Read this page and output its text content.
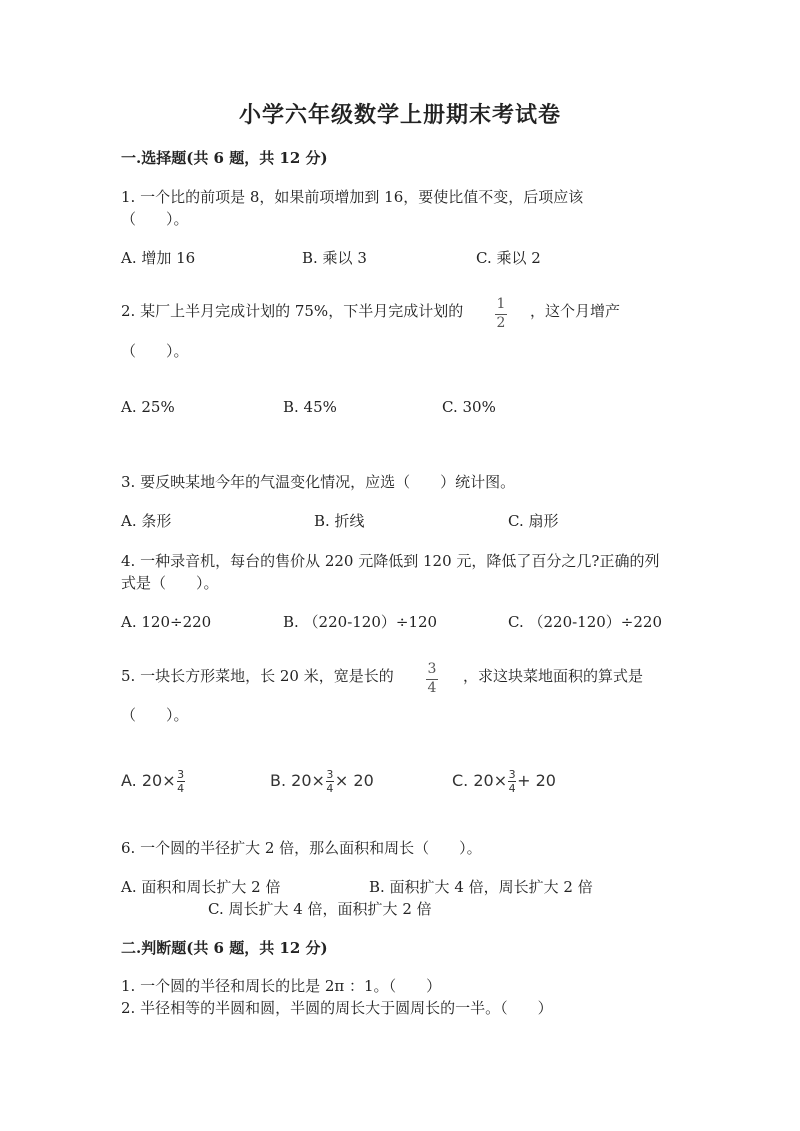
小学六年级数学上册期末考试卷
一.选择题(共 6 题，共 12 分)
1. 一个比的前项是 8，如果前项增加到 16，要使比值不变，后项应该
（　　）。
A. 增加 16	B. 乘以 3	C. 乘以 2
2. 某厂上半月完成计划的 75%，下半月完成计划的 1
2
，这个月增产
（　　）。
A. 25%	B. 45%	C. 30%
3. 要反映某地今年的气温变化情况，应选（　　）统计图。
A. 条形	B. 折线	C. 扇形
4. 一种录音机，每台的售价从 220 元降低到 120 元，降低了百分之几?正确的列
式是（　　）。
A. 120÷220	B. （220-120）÷120	C. （220-120）÷220
5. 一块长方形菜地，长 20 米，宽是长的 3
4
，求这块菜地面积的算式是
（　　）。
A. $20\times \frac{3}{4}$	B. $20\times \frac{3}{4} \times 20$	C. $20\times \frac{3}{4} + 20$
6. 一个圆的半径扩大 2 倍，那么面积和周长（　　）。
A. 面积和周长扩大 2 倍	B. 面积扩大 4 倍，周长扩大 2 倍
C. 周长扩大 4 倍，面积扩大 2 倍
二.判断题(共 6 题，共 12 分)
1. 一个圆的半径和周长的比是 2π ：1。（　　）
2. 半径相等的半圆和圆，半圆的周长大于圆周长的一半。（　　）
